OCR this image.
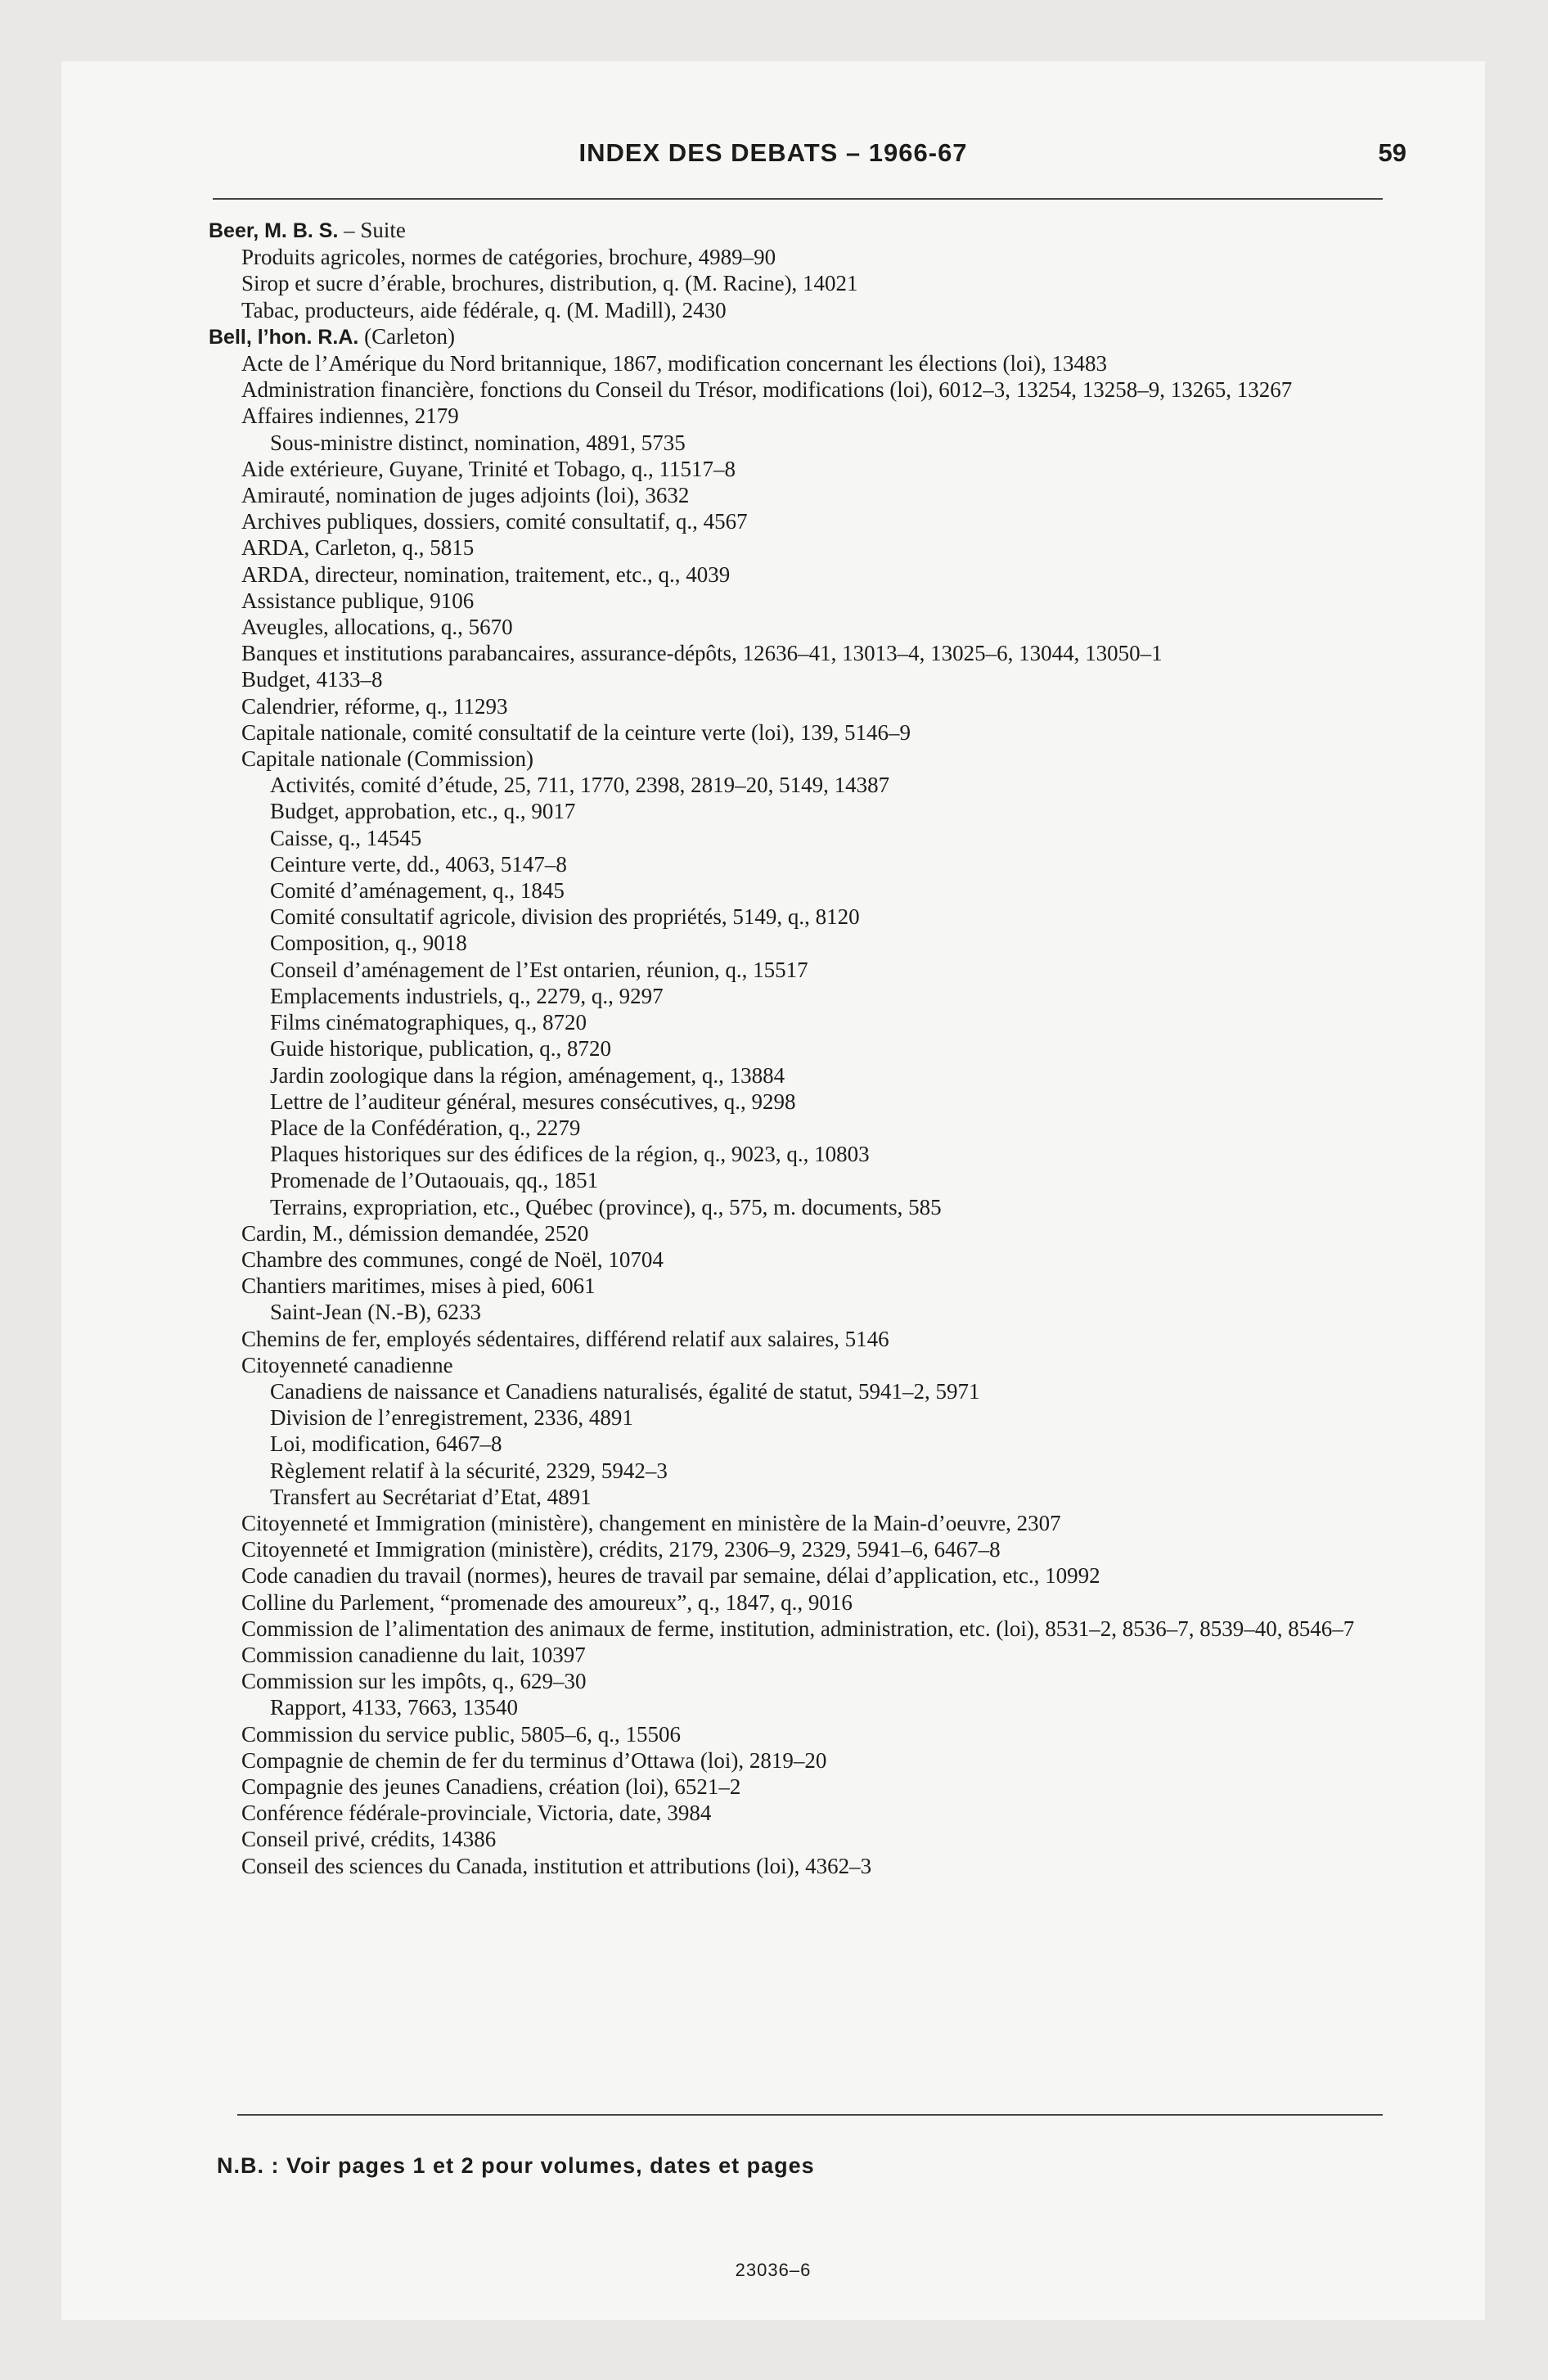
INDEX DES DEBATS – 1966-67	59
Beer, M. B. S. – Suite
Produits agricoles, normes de catégories, brochure, 4989–90
Sirop et sucre d’érable, brochures, distribution, q. (M. Racine), 14021
Tabac, producteurs, aide fédérale, q. (M. Madill), 2430
Bell, l’hon. R.A. (Carleton)
Acte de l’Amérique du Nord britannique, 1867, modification concernant les élections (loi), 13483
Administration financière, fonctions du Conseil du Trésor, modifications (loi), 6012–3, 13254, 13258–9, 13265, 13267
Affaires indiennes, 2179
Sous-ministre distinct, nomination, 4891, 5735
Aide extérieure, Guyane, Trinité et Tobago, q., 11517–8
Amirauté, nomination de juges adjoints (loi), 3632
Archives publiques, dossiers, comité consultatif, q., 4567
ARDA, Carleton, q., 5815
ARDA, directeur, nomination, traitement, etc., q., 4039
Assistance publique, 9106
Aveugles, allocations, q., 5670
Banques et institutions parabancaires, assurance-dépôts, 12636–41, 13013–4, 13025–6, 13044, 13050–1
Budget, 4133–8
Calendrier, réforme, q., 11293
Capitale nationale, comité consultatif de la ceinture verte (loi), 139, 5146–9
Capitale nationale (Commission)
Activités, comité d’étude, 25, 711, 1770, 2398, 2819–20, 5149, 14387
Budget, approbation, etc., q., 9017
Caisse, q., 14545
Ceinture verte, dd., 4063, 5147–8
Comité d’aménagement, q., 1845
Comité consultatif agricole, division des propriétés, 5149, q., 8120
Composition, q., 9018
Conseil d’aménagement de l’Est ontarien, réunion, q., 15517
Emplacements industriels, q., 2279, q., 9297
Films cinématographiques, q., 8720
Guide historique, publication, q., 8720
Jardin zoologique dans la région, aménagement, q., 13884
Lettre de l’auditeur général, mesures consécutives, q., 9298
Place de la Confédération, q., 2279
Plaques historiques sur des édifices de la région, q., 9023, q., 10803
Promenade de l’Outaouais, qq., 1851
Terrains, expropriation, etc., Québec (province), q., 575, m. documents, 585
Cardin, M., démission demandée, 2520
Chambre des communes, congé de Noël, 10704
Chantiers maritimes, mises à pied, 6061
Saint-Jean (N.-B), 6233
Chemins de fer, employés sédentaires, différend relatif aux salaires, 5146
Citoyenneté canadienne
Canadiens de naissance et Canadiens naturalisés, égalité de statut, 5941–2, 5971
Division de l’enregistrement, 2336, 4891
Loi, modification, 6467–8
Règlement relatif à la sécurité, 2329, 5942–3
Transfert au Secrétariat d’Etat, 4891
Citoyenneté et Immigration (ministère), changement en ministère de la Main-d’oeuvre, 2307
Citoyenneté et Immigration (ministère), crédits, 2179, 2306–9, 2329, 5941–6, 6467–8
Code canadien du travail (normes), heures de travail par semaine, délai d’application, etc., 10992
Colline du Parlement, “promenade des amoureux”, q., 1847, q., 9016
Commission de l’alimentation des animaux de ferme, institution, administration, etc. (loi), 8531–2, 8536–7, 8539–40, 8546–7
Commission canadienne du lait, 10397
Commission sur les impôts, q., 629–30
Rapport, 4133, 7663, 13540
Commission du service public, 5805–6, q., 15506
Compagnie de chemin de fer du terminus d’Ottawa (loi), 2819–20
Compagnie des jeunes Canadiens, création (loi), 6521–2
Conférence fédérale-provinciale, Victoria, date, 3984
Conseil privé, crédits, 14386
Conseil des sciences du Canada, institution et attributions (loi), 4362–3
N.B. : Voir pages 1 et 2 pour volumes, dates et pages
23036–6
